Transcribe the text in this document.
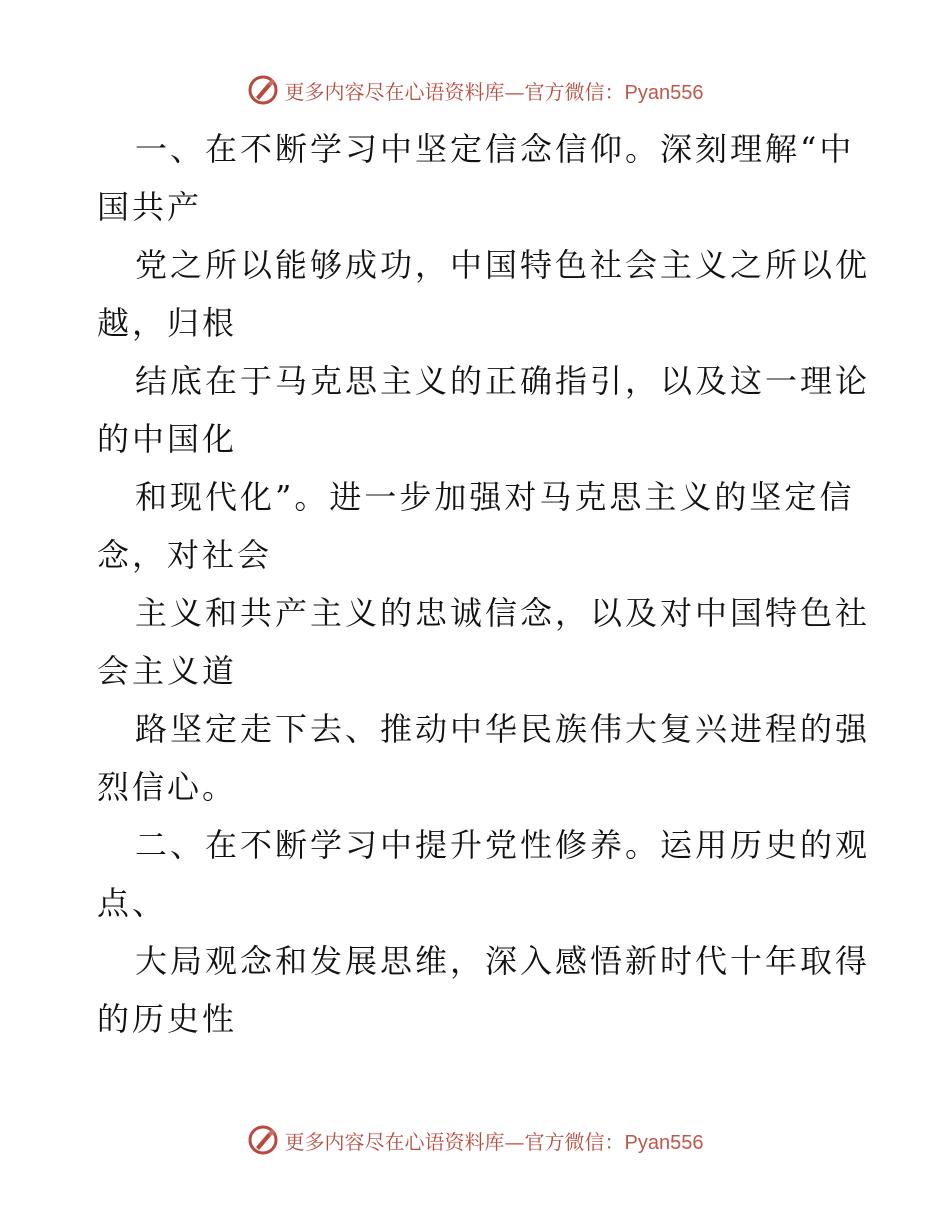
更多内容尽在心语资料库—官方微信：Pyan556
一、在不断学习中坚定信念信仰。深刻理解“中
国共产
党之所以能够成功，中国特色社会主义之所以优
越，归根
结底在于马克思主义的正确指引，以及这一理论
的中国化
和现代化”。进一步加强对马克思主义的坚定信
念，对社会
主义和共产主义的忠诚信念，以及对中国特色社
会主义道
路坚定走下去、推动中华民族伟大复兴进程的强
烈信心。
二、在不断学习中提升党性修养。运用历史的观
点、
大局观念和发展思维，深入感悟新时代十年取得
的历史性
更多内容尽在心语资料库—官方微信：Pyan556
